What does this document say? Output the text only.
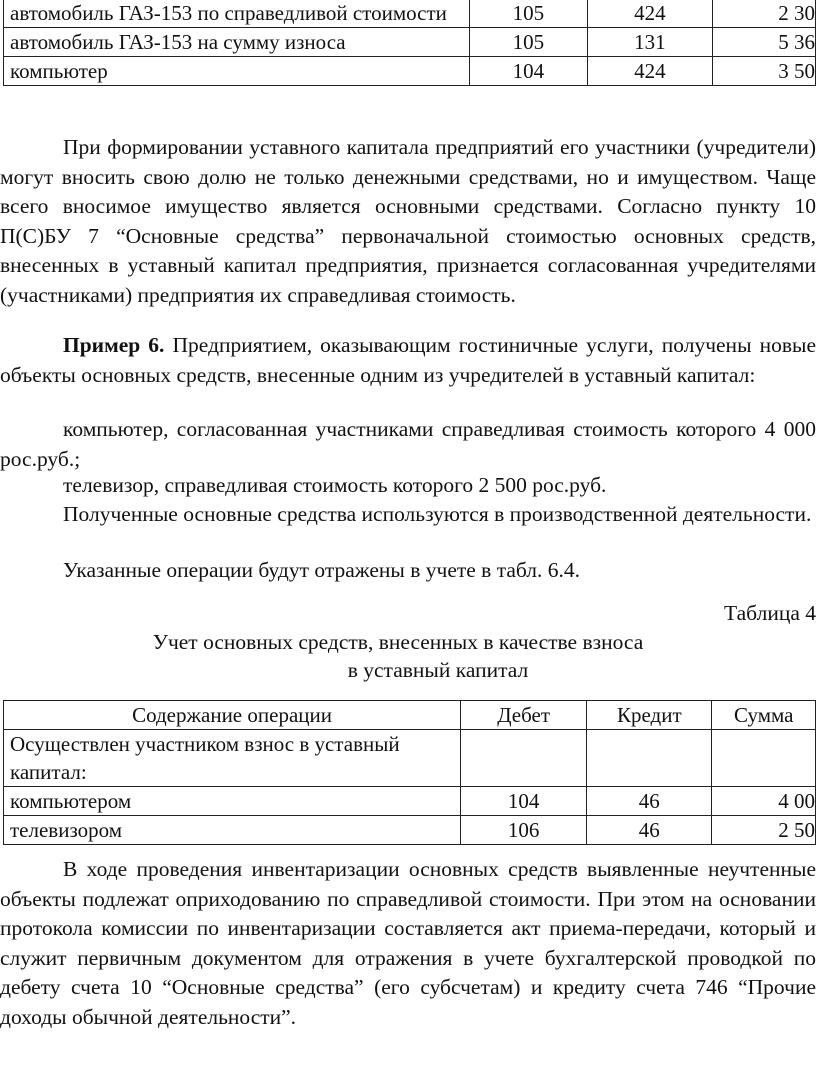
автомобиль ГАЗ-153 по справедливой стоимости	105	424	2 30
автомобиль ГАЗ-153 на сумму износа	105	131	5 36
компьютер	104	424	3 50

При формировании уставного капитала предприятий его участники (учредители) могут вносить свою долю не только денежными средствами, но и имуществом. Чаще всего вносимое имущество является основными средствами. Согласно пункту 10 П(С)БУ 7 “Основные средства” первоначальной стоимостью основных средств, внесенных в уставный капитал предприятия, признается согласованная учредителями (участниками) предприятия их справедливая стоимость.

Пример 6. Предприятием, оказывающим гостиничные услуги, получены новые объекты основных средств, внесенные одним из учредителей в уставный капитал:

компьютер, согласованная участниками справедливая стоимость которого 4 000 рос.руб.;

телевизор, справедливая стоимость которого 2 500 рос.руб.

Полученные основные средства используются в производственной деятельности.

Указанные операции будут отражены в учете в табл. 6.4.

Таблица 4
Учет основных средств, внесенных в качестве взноса
в уставный капитал
Содержание операции	Дебет	Кредит	Сумма
Осуществлен участником взнос в уставный капитал:			
компьютером	104	46	4 00
телевизором	106	46	2 50

В ходе проведения инвентаризации основных средств выявленные неучтенные объекты подлежат оприходованию по справедливой стоимости. При этом на основании протокола комиссии по инвентаризации составляется акт приема-передачи, который и служит первичным документом для отражения в учете бухгалтерской проводкой по дебету счета 10 “Основные средства” (его субсчетам) и кредиту счета 746 “Прочие доходы обычной деятельности”.
